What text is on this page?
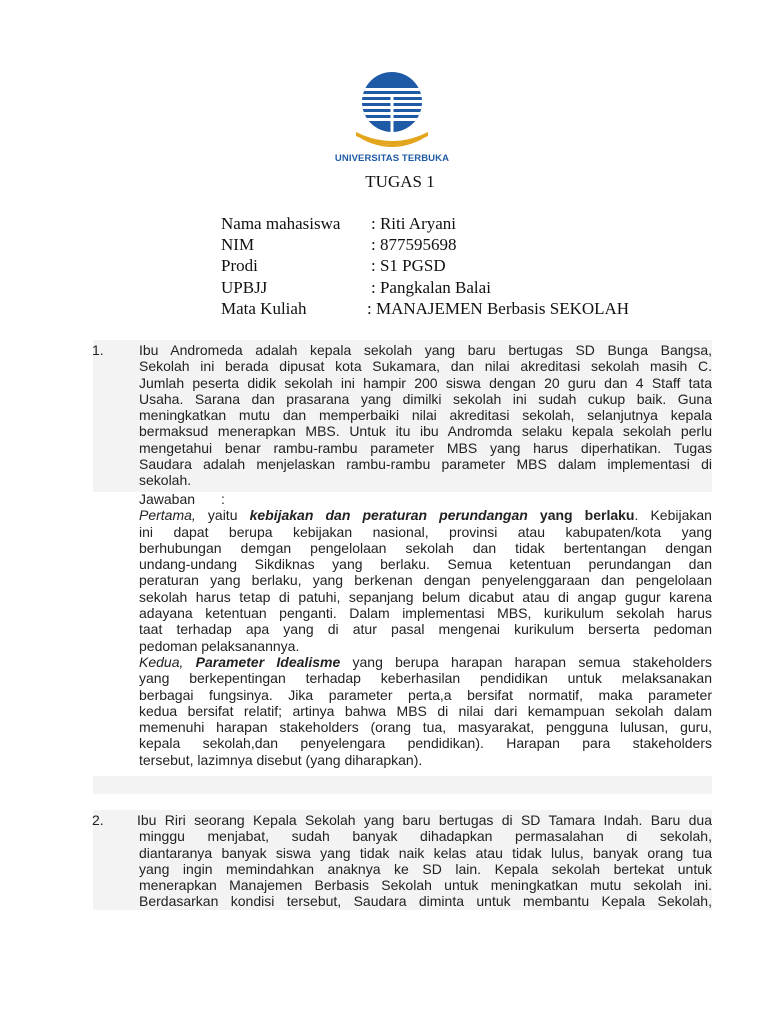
UNIVERSITAS TERBUKA
TUGAS 1
Nama mahasiswa : Riti Aryani
NIM	: 877595698
Prodi	: S1 PGSD
UPBJJ	: Pangkalan Balai
Mata Kuliah	: MANAJEMEN Berbasis SEKOLAH
1.	Ibu Andromeda adalah kepala sekolah yang baru bertugas SD Bunga Bangsa,
Sekolah ini berada dipusat kota Sukamara, dan nilai akreditasi sekolah masih C.
Jumlah peserta didik sekolah ini hampir 200 siswa dengan 20 guru dan 4 Staff tata
Usaha. Sarana dan prasarana yang dimilki sekolah ini sudah cukup baik. Guna
meningkatkan mutu dan memperbaiki nilai akreditasi sekolah, selanjutnya kepala
bermaksud menerapkan MBS. Untuk itu ibu Andromda selaku kepala sekolah perlu
mengetahui benar rambu-rambu parameter MBS yang harus diperhatikan. Tugas
Saudara adalah menjelaskan rambu-rambu parameter MBS dalam implementasi di
sekolah.
Jawaban :
Pertama, yaitu kebijakan dan peraturan perundangan yang berlaku. Kebijakan
ini dapat berupa kebijakan nasional, provinsi atau kabupaten/kota yang
berhubungan demgan pengelolaan sekolah dan tidak bertentangan dengan
undang-undang Sikdiknas yang berlaku. Semua ketentuan perundangan dan
peraturan yang berlaku, yang berkenan dengan penyelenggaraan dan pengelolaan
sekolah harus tetap di patuhi, sepanjang belum dicabut atau di angap gugur karena
adayana ketentuan penganti. Dalam implementasi MBS, kurikulum sekolah harus
taat terhadap apa yang di atur pasal mengenai kurikulum berserta pedoman
pedoman pelaksanannya.
Kedua, Parameter Idealisme yang berupa harapan harapan semua stakeholders
yang berkepentingan terhadap keberhasilan pendidikan untuk melaksanakan
berbagai fungsinya. Jika parameter perta,a bersifat normatif, maka parameter
kedua bersifat relatif; artinya bahwa MBS di nilai dari kemampuan sekolah dalam
memenuhi harapan stakeholders (orang tua, masyarakat, pengguna lulusan, guru,
kepala sekolah,dan penyelengara pendidikan). Harapan para stakeholders
tersebut, lazimnya disebut (yang diharapkan).
2. Ibu Riri seorang Kepala Sekolah yang baru bertugas di SD Tamara Indah. Baru dua
minggu menjabat, sudah banyak dihadapkan permasalahan di sekolah,
diantaranya banyak siswa yang tidak naik kelas atau tidak lulus, banyak orang tua
yang ingin memindahkan anaknya ke SD lain. Kepala sekolah bertekat untuk
menerapkan Manajemen Berbasis Sekolah untuk meningkatkan mutu sekolah ini.
Berdasarkan kondisi tersebut, Saudara diminta untuk membantu Kepala Sekolah,
